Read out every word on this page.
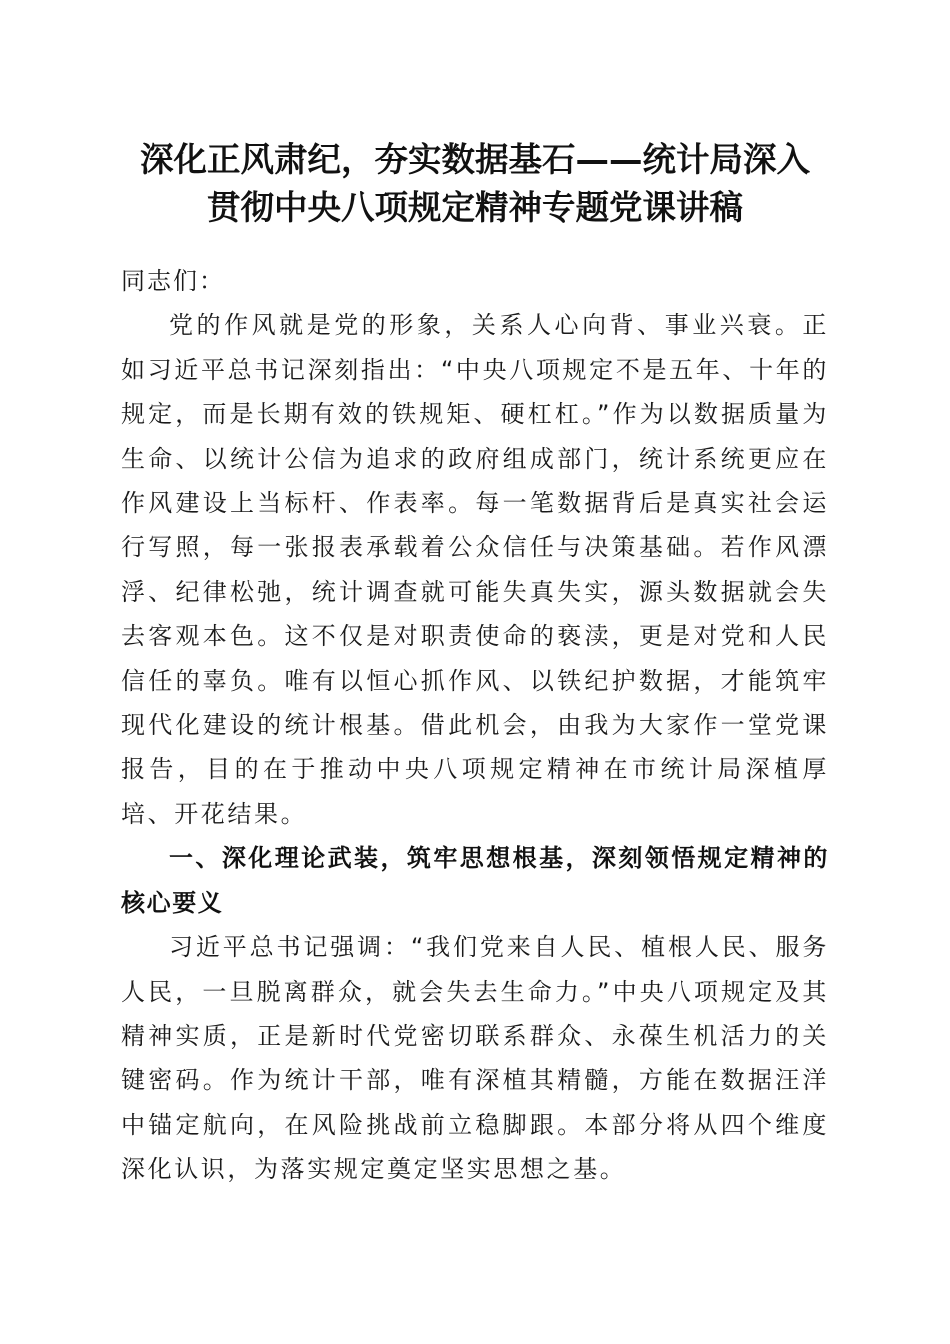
深化正风肃纪，夯实数据基石——统计局深入
贯彻中央八项规定精神专题党课讲稿

同志们：

党的作风就是党的形象，关系人心向背、事业兴衰。正如习近平总书记深刻指出：“中央八项规定不是五年、十年的规定，而是长期有效的铁规矩、硬杠杠。”作为以数据质量为生命、以统计公信为追求的政府组成部门，统计系统更应在作风建设上当标杆、作表率。每一笔数据背后是真实社会运行写照，每一张报表承载着公众信任与决策基础。若作风漂浮、纪律松弛，统计调查就可能失真失实，源头数据就会失去客观本色。这不仅是对职责使命的亵渎，更是对党和人民信任的辜负。唯有以恒心抓作风、以铁纪护数据，才能筑牢现代化建设的统计根基。借此机会，由我为大家作一堂党课报告，目的在于推动中央八项规定精神在市统计局深植厚培、开花结果。

一、深化理论武装，筑牢思想根基，深刻领悟规定精神的核心要义

习近平总书记强调：“我们党来自人民、植根人民、服务人民，一旦脱离群众，就会失去生命力。”中央八项规定及其精神实质，正是新时代党密切联系群众、永葆生机活力的关键密码。作为统计干部，唯有深植其精髓，方能在数据汪洋中锚定航向，在风险挑战前立稳脚跟。本部分将从四个维度深化认识，为落实规定奠定坚实思想之基。
